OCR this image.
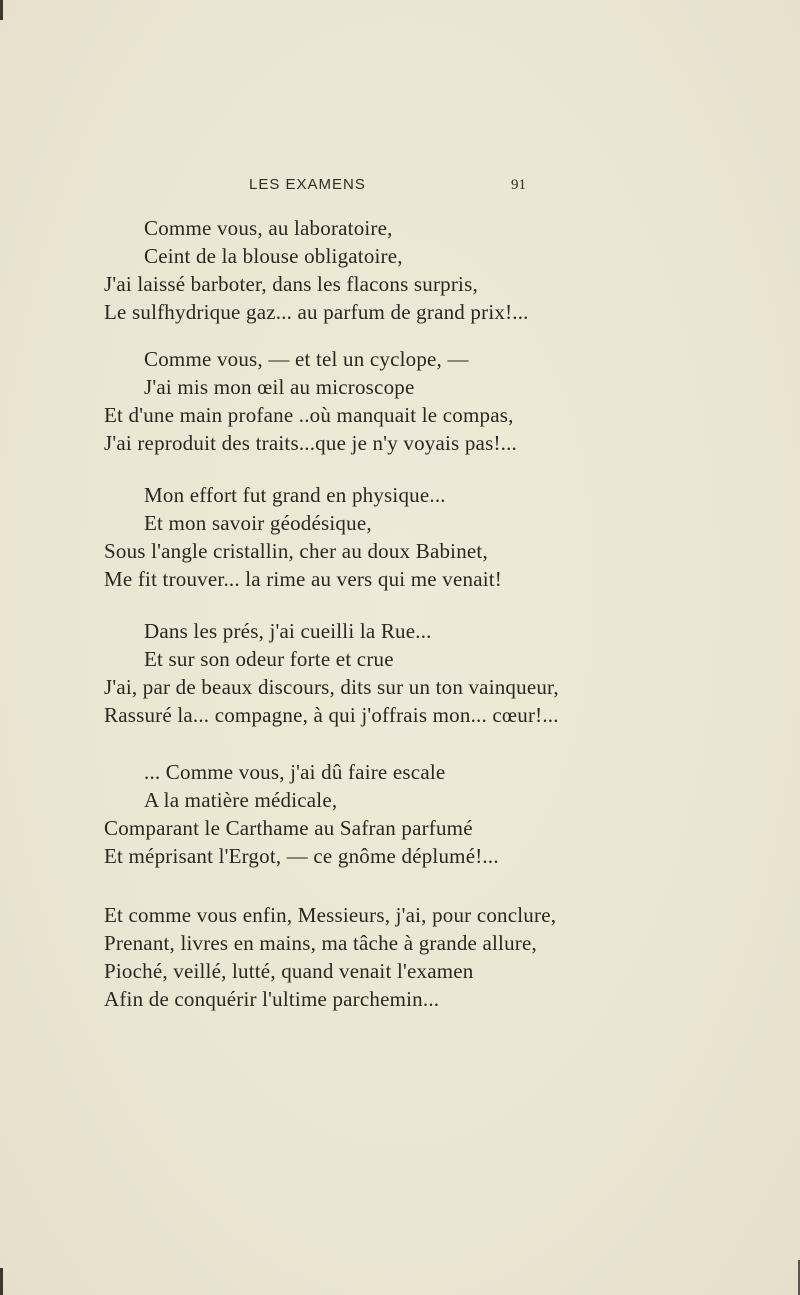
LES EXAMENS	91
Comme vous, au laboratoire,
Ceint de la blouse obligatoire,
J'ai laissé barboter, dans les flacons surpris,
Le sulfhydrique gaz... au parfum de grand prix!...
Comme vous, — et tel un cyclope, —
J'ai mis mon œil au microscope
Et d'une main profane ..où manquait le compas,
J'ai reproduit des traits...que je n'y voyais pas!...
Mon effort fut grand en physique...
Et mon savoir géodésique,
Sous l'angle cristallin, cher au doux Babinet,
Me fit trouver... la rime au vers qui me venait!
Dans les prés, j'ai cueilli la Rue...
Et sur son odeur forte et crue
J'ai, par de beaux discours, dits sur un ton vainqueur,
Rassuré la... compagne, à qui j'offrais mon... cœur!...
... Comme vous, j'ai dû faire escale
A la matière médicale,
Comparant le Carthame au Safran parfumé
Et méprisant l'Ergot, — ce gnôme déplumé!...
Et comme vous enfin, Messieurs, j'ai, pour conclure,
Prenant, livres en mains, ma tâche à grande allure,
Pioché, veillé, lutté, quand venait l'examen
Afin de conquérir l'ultime parchemin...
